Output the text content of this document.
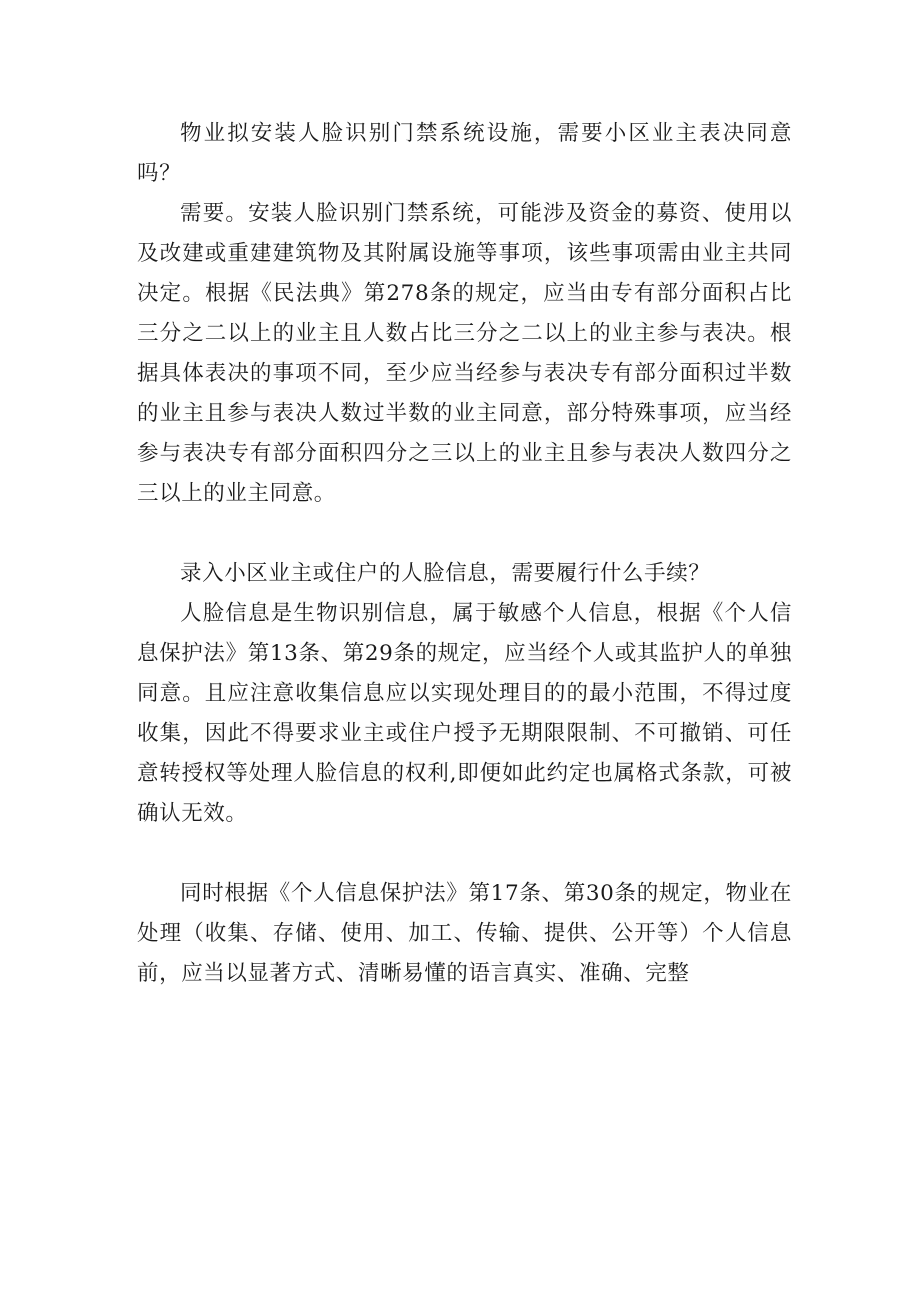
物业拟安装人脸识别门禁系统设施，需要小区业主表决同意吗？

需要。安装人脸识别门禁系统，可能涉及资金的募资、使用以及改建或重建建筑物及其附属设施等事项，该些事项需由业主共同决定。根据《民法典》第278条的规定，应当由专有部分面积占比三分之二以上的业主且人数占比三分之二以上的业主参与表决。根据具体表决的事项不同，至少应当经参与表决专有部分面积过半数的业主且参与表决人数过半数的业主同意，部分特殊事项，应当经参与表决专有部分面积四分之三以上的业主且参与表决人数四分之三以上的业主同意。

录入小区业主或住户的人脸信息，需要履行什么手续？

人脸信息是生物识别信息，属于敏感个人信息，根据《个人信息保护法》第13条、第29条的规定，应当经个人或其监护人的单独同意。且应注意收集信息应以实现处理目的的最小范围，不得过度收集，因此不得要求业主或住户授予无期限限制、不可撤销、可任意转授权等处理人脸信息的权利,即便如此约定也属格式条款，可被确认无效。

同时根据《个人信息保护法》第17条、第30条的规定，物业在处理（收集、存储、使用、加工、传输、提供、公开等）个人信息前，应当以显著方式、清晰易懂的语言真实、准确、完整
